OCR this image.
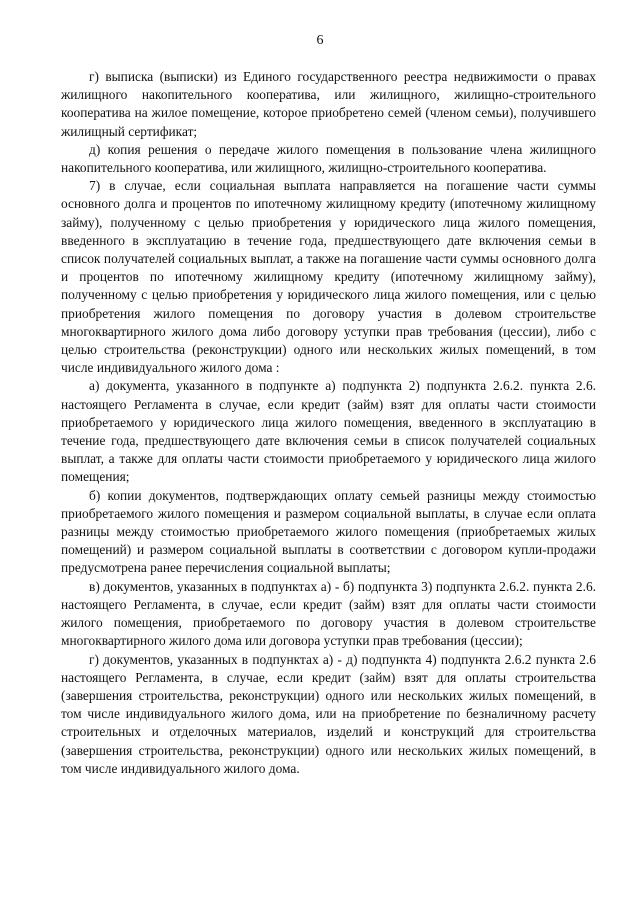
6

г) выписка (выписки) из Единого государственного реестра недвижимости о правах жилищного накопительного кооператива, или жилищного, жилищно-строительного кооператива на жилое помещение, которое приобретено семей (членом семьи), получившего жилищный сертификат;

д) копия решения о передаче жилого помещения в пользование члена жилищного накопительного кооператива, или жилищного, жилищно-строительного кооператива.

7) в случае, если социальная выплата направляется на погашение части суммы основного долга и процентов по ипотечному жилищному кредиту (ипотечному жилищному займу), полученному с целью приобретения у юридического лица жилого помещения, введенного в эксплуатацию в течение года, предшествующего дате включения семьи в список получателей социальных выплат, а также на погашение части суммы основного долга и процентов по ипотечному жилищному кредиту (ипотечному жилищному займу), полученному с целью приобретения у юридического лица жилого помещения, или с целью приобретения жилого помещения по договору участия в долевом строительстве многоквартирного жилого дома либо договору уступки прав требования (цессии), либо с целью строительства (реконструкции) одного или нескольких жилых помещений, в том числе индивидуального жилого дома :

а) документа, указанного в подпункте а) подпункта 2) подпункта 2.6.2. пункта 2.6. настоящего Регламента в случае, если кредит (займ) взят для оплаты части стоимости приобретаемого у юридического лица жилого помещения, введенного в эксплуатацию в течение года, предшествующего дате включения семьи в список получателей социальных выплат, а также для оплаты части стоимости приобретаемого у юридического лица жилого помещения;

б) копии документов, подтверждающих оплату семьей разницы между стоимостью приобретаемого жилого помещения и размером социальной выплаты, в случае если оплата разницы между стоимостью приобретаемого жилого помещения (приобретаемых жилых помещений) и размером социальной выплаты в соответствии с договором купли-продажи предусмотрена ранее перечисления социальной выплаты;

в) документов, указанных в подпунктах а) - б) подпункта 3) подпункта 2.6.2. пункта 2.6. настоящего Регламента, в случае, если кредит (займ) взят для оплаты части стоимости жилого помещения, приобретаемого по договору участия в долевом строительстве многоквартирного жилого дома или договора уступки прав требования (цессии);

г) документов, указанных в подпунктах а) - д) подпункта 4) подпункта 2.6.2 пункта 2.6 настоящего Регламента, в случае, если кредит (займ) взят для оплаты строительства (завершения строительства, реконструкции) одного или нескольких жилых помещений, в том числе индивидуального жилого дома, или на приобретение по безналичному расчету строительных и отделочных материалов, изделий и конструкций для строительства (завершения строительства, реконструкции) одного или нескольких жилых помещений, в том числе индивидуального жилого дома.
